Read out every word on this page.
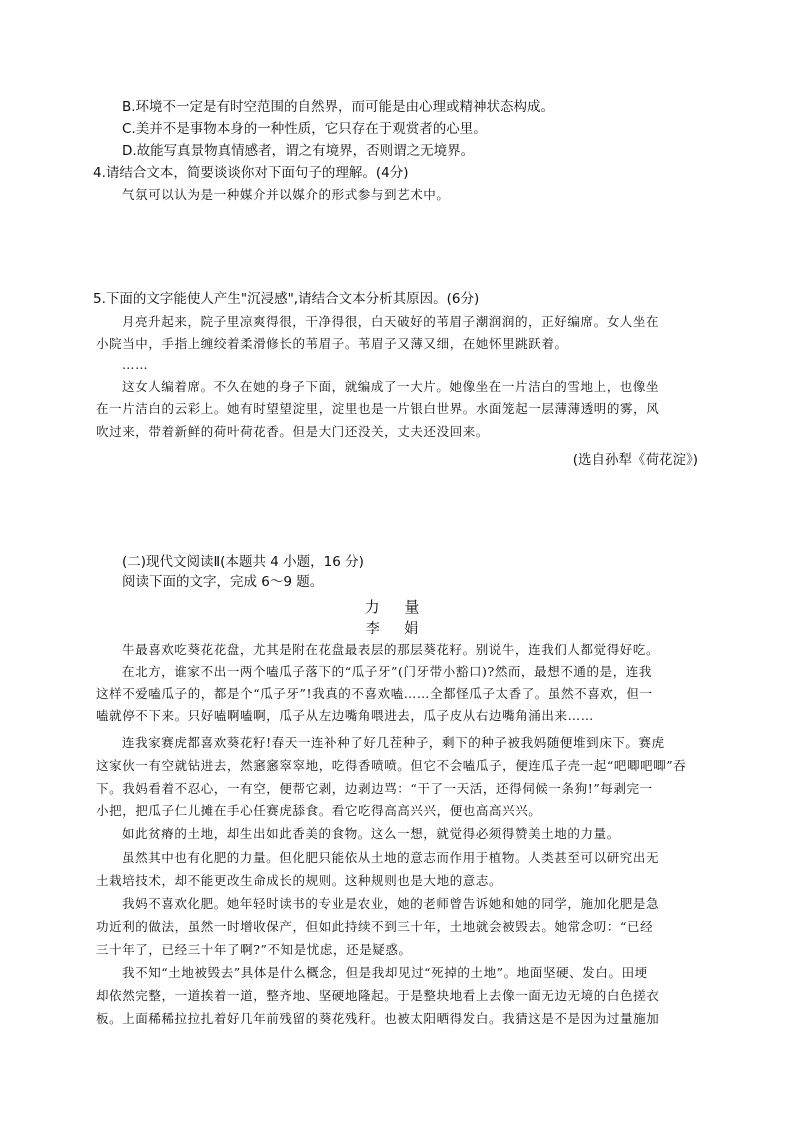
B.环境不一定是有时空范围的自然界，而可能是由心理或精神状态构成。
C.美并不是事物本身的一种性质，它只存在于观赏者的心里。
D.故能写真景物真情感者，谓之有境界，否则谓之无境界。
4.请结合文本，简要谈谈你对下面句子的理解。(4分)
气氛可以认为是一种媒介并以媒介的形式参与到艺术中。
5.下面的文字能使人产生"沉浸感",请结合文本分析其原因。(6分)
月亮升起来，院子里凉爽得很，干净得很，白天破好的苇眉子潮润润的，正好编席。女人坐在
小院当中，手指上缠绞着柔滑修长的苇眉子。苇眉子又薄又细，在她怀里跳跃着。
……
这女人编着席。不久在她的身子下面，就编成了一大片。她像坐在一片洁白的雪地上，也像坐
在一片洁白的云彩上。她有时望望淀里，淀里也是一片银白世界。水面笼起一层薄薄透明的雾，风
吹过来，带着新鲜的荷叶荷花香。但是大门还没关，丈夫还没回来。
(选自孙犁《荷花淀》)
(二)现代文阅读Ⅱ(本题共 4 小题，16 分)
阅读下面的文字，完成 6～9 题。
力 量
李 娟
牛最喜欢吃葵花花盘，尤其是附在花盘最表层的那层葵花籽。别说牛，连我们人都觉得好吃。
在北方，谁家不出一两个嗑瓜子落下的“瓜子牙”(门牙带小豁口)?然而，最想不通的是，连我
这样不爱嗑瓜子的，都是个“瓜子牙”!我真的不喜欢嗑……全都怪瓜子太香了。虽然不喜欢，但一
嗑就停不下来。只好嗑啊嗑啊，瓜子从左边嘴角喂进去，瓜子皮从右边嘴角涌出来……
连我家赛虎都喜欢葵花籽!春天一连补种了好几茬种子，剩下的种子被我妈随便堆到床下。赛虎
这家伙一有空就钻进去，然窸窸窣窣地，吃得香喷喷。但它不会嗑瓜子，便连瓜子壳一起“吧唧吧唧”吞
下。我妈看着不忍心，一有空，便帮它剥，边剥边骂：“干了一天活，还得伺候一条狗!”每剥完一
小把，把瓜子仁儿摊在手心任赛虎舔食。看它吃得高高兴兴，便也高高兴兴。
如此贫瘠的土地，却生出如此香美的食物。这么一想，就觉得必须得赞美土地的力量。
虽然其中也有化肥的力量。但化肥只能依从土地的意志而作用于植物。人类甚至可以研究出无
土栽培技术，却不能更改生命成长的规则。这种规则也是大地的意志。
我妈不喜欢化肥。她年轻时读书的专业是农业，她的老师曾告诉她和她的同学，施加化肥是急
功近利的做法，虽然一时增收保产，但如此持续不到三十年，土地就会被毁去。她常念叨：“已经
三十年了，已经三十年了啊?”不知是忧虑，还是疑惑。
我不知“土地被毁去”具体是什么概念，但是我却见过“死掉的土地”。地面坚硬、发白。田埂
却依然完整，一道挨着一道，整齐地、坚硬地隆起。于是整块地看上去像一面无边无境的白色搓衣
板。上面稀稀拉拉扎着好几年前残留的葵花残秆。也被太阳晒得发白。我猜这是不是因为过量施加
